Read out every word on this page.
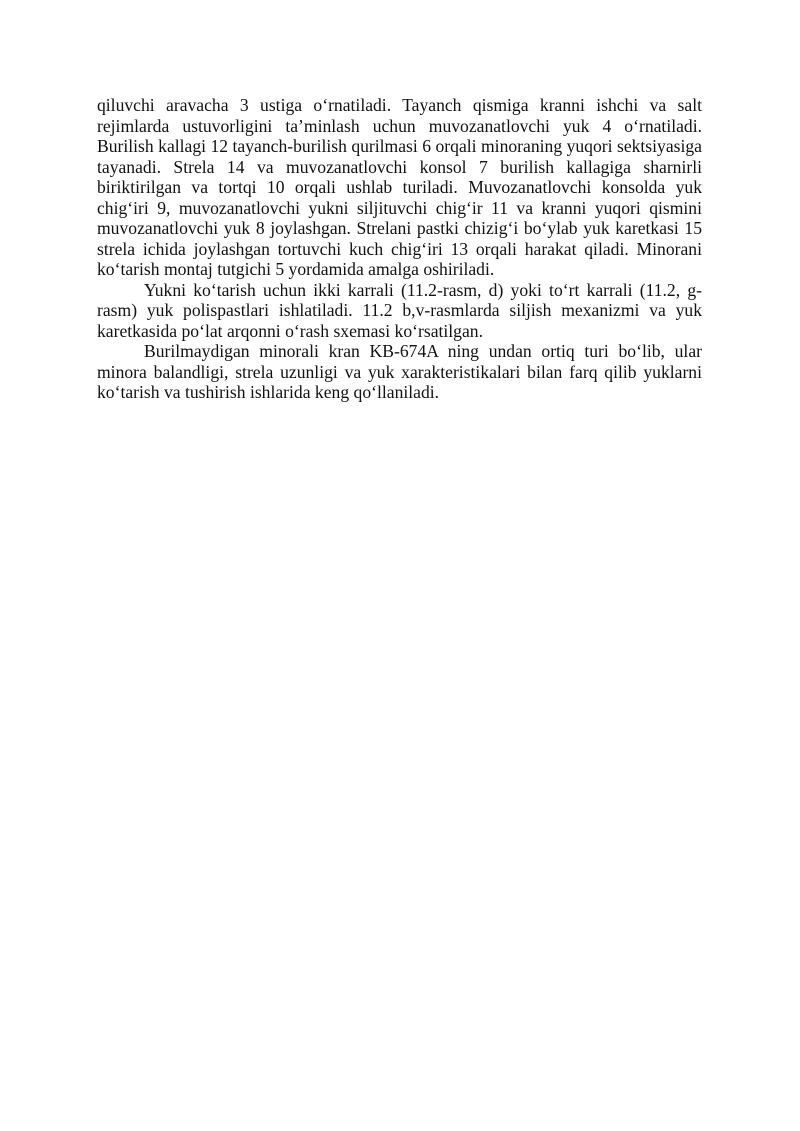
qiluvchi aravacha 3 ustiga o‘rnatiladi. Tayanch qismiga kranni ishchi va salt rejimlarda ustuvorligini ta’minlash uchun muvozanatlovchi yuk 4 o‘rnatiladi. Burilish kallagi 12 tayanch-burilish qurilmasi 6 orqali minoraning yuqori sektsiyasiga tayanadi. Strela 14 va muvozanatlovchi konsol 7 burilish kallagiga sharnirli biriktirilgan va tortqi 10 orqali ushlab turiladi. Muvozanatlovchi konsolda yuk chig‘iri 9, muvozanatlovchi yukni siljituvchi chig‘ir 11 va kranni yuqori qismini muvozanatlovchi yuk 8 joylashgan. Strelani pastki chizig‘i bo‘ylab yuk karetkasi 15 strela ichida joylashgan tortuvchi kuch chig‘iri 13 orqali harakat qiladi. Minorani ko‘tarish montaj tutgichi 5 yordamida amalga oshiriladi.

Yukni ko‘tarish uchun ikki karrali (11.2-rasm, d) yoki to‘rt karrali (11.2, g-rasm) yuk polispastlari ishlatiladi. 11.2 b,v-rasmlarda siljish mexanizmi va yuk karetkasida po‘lat arqonni o‘rash sxemasi ko‘rsatilgan.

Burilmaydigan minorali kran KB-674A ning undan ortiq turi bo‘lib, ular minora balandligi, strela uzunligi va yuk xarakteristikalari bilan farq qilib yuklarni ko‘tarish va tushirish ishlarida keng qo‘llaniladi.
